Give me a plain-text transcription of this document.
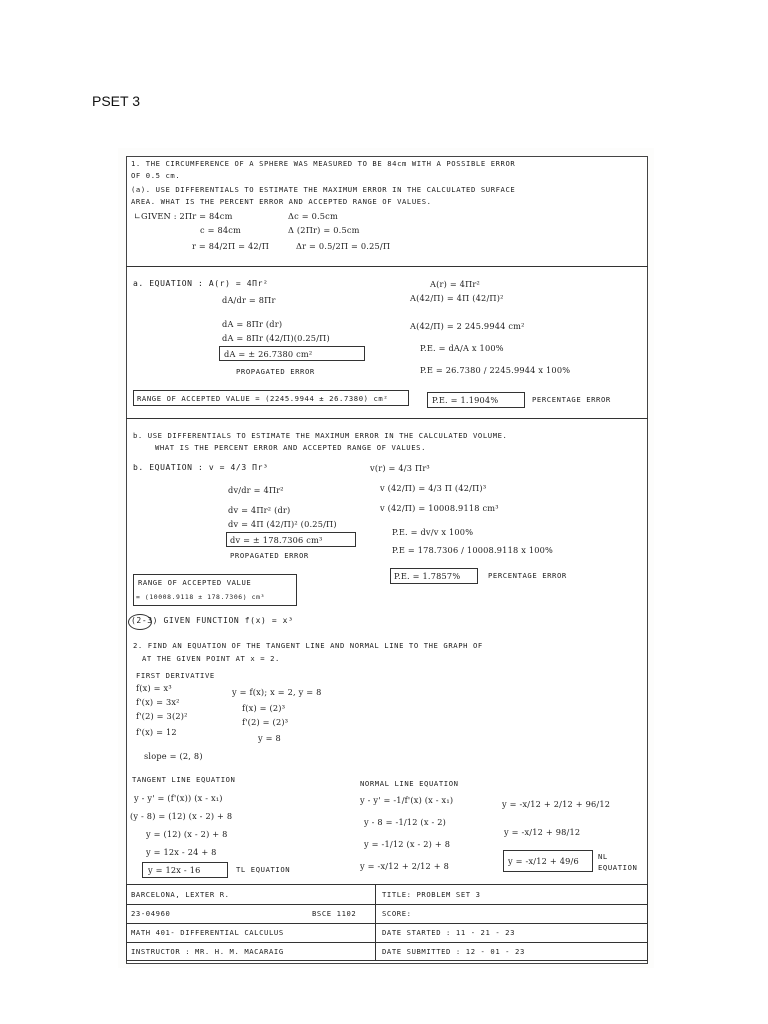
PSET 3
1. THE CIRCUMFERENCE OF A SPHERE WAS MEASURED TO BE 84cm WITH A POSSIBLE ERROR
OF 0.5 cm.
(a). USE DIFFERENTIALS TO ESTIMATE THE MAXIMUM ERROR IN THE CALCULATED SURFACE
AREA. WHAT IS THE PERCENT ERROR AND ACCEPTED RANGE OF VALUES.
∟GIVEN : 2Πr = 84cm
c = 84cm
r = 84/2Π = 42/Π
Δc = 0.5cm
Δ (2Πr) = 0.5cm
Δr = 0.5/2Π = 0.25/Π
a. EQUATION : A(r) = 4Πr²
dA/dr = 8Πr
dA = 8Πr (dr)
dA = 8Πr (42/Π)(0.25/Π)
dA = ± 26.7380 cm²
PROPAGATED ERROR
A(r) = 4Πr²
A(42/Π) = 4Π (42/Π)²
A(42/Π) = 2 245.9944 cm²
P.E. = dA/A x 100%
P.E = 26.7380 / 2245.9944 x 100%
RANGE OF ACCEPTED VALUE = (2245.9944 ± 26.7380) cm²	P.E. = 1.1904%	PERCENTAGE ERROR
b. USE DIFFERENTIALS TO ESTIMATE THE MAXIMUM ERROR IN THE CALCULATED VOLUME.
WHAT IS THE PERCENT ERROR AND ACCEPTED RANGE OF VALUES.
b. EQUATION : v = 4/3 Πr³
dv/dr = 4Πr²
dv = 4Πr² (dr)
dv = 4Π (42/Π)² (0.25/Π)
dv = ± 178.7306 cm³
PROPAGATED ERROR
v(r) = 4/3 Πr³
v (42/Π) = 4/3 Π (42/Π)³
v (42/Π) = 10008.9118 cm³
P.E. = dv/v x 100%
P.E = 178.7306 / 10008.9118 x 100%
P.E. = 1.7857%	PERCENTAGE ERROR
RANGE OF ACCEPTED VALUE
= (10008.9118 ± 178.7306) cm³
(2-3) GIVEN FUNCTION f(x) = x³
2. FIND AN EQUATION OF THE TANGENT LINE AND NORMAL LINE TO THE GRAPH OF
AT THE GIVEN POINT AT x = 2.
FIRST DERIVATIVE
f(x) = x³
f'(x) = 3x²
f'(2) = 3(2)²
f'(x) = 12
y = f(x); x = 2, y = 8
f(x) = (2)³
f'(2) = (2)³
y = 8
slope = (2, 8)
TANGENT LINE EQUATION
y - y' = (f'(x)) (x - x₁)
(y - 8) = (12) (x - 2) + 8
y = (12) (x - 2) + 8
y = 12x - 24 + 8
y = 12x - 16	TL EQUATION
NORMAL LINE EQUATION
y - y' = -1/f'(x) (x - x₁)
y - 8 = -1/12 (x - 2)
y = -1/12 (x - 2) + 8
y = -x/12 + 2/12 + 8
y = -x/12 + 2/12 + 96/12
y = -x/12 + 98/12
y = -x/12 + 49/6	NL EQUATION
BARCELONA, LEXTER R.	TITLE: PROBLEM SET 3
23-04960	BSCE 1102	SCORE:
MATH 401- DIFFERENTIAL CALCULUS	DATE STARTED : 11 - 21 - 23
INSTRUCTOR : MR. H. M. MACARAIG	DATE SUBMITTED : 12 - 01 - 23
